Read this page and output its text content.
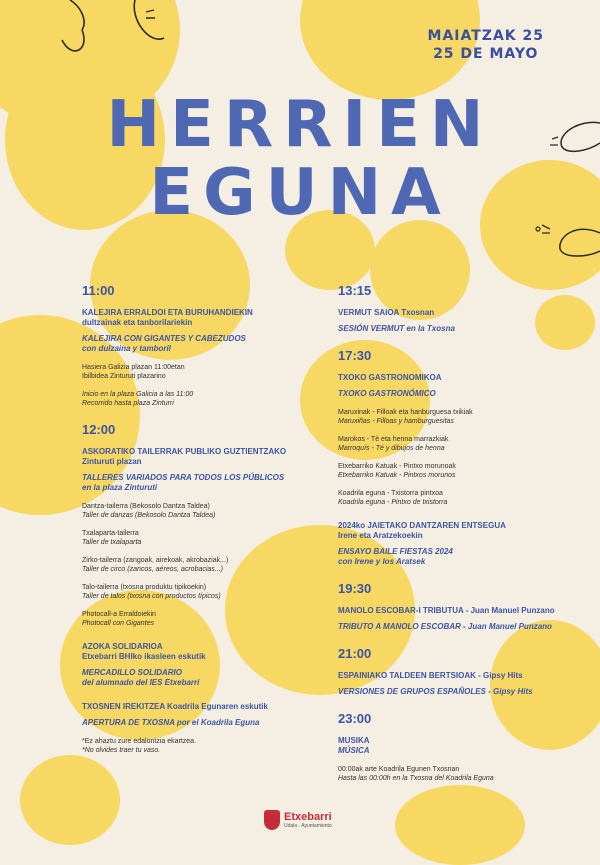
MAIATZAK 25
25 DE MAYO
HERRIEN
EGUNA
11:00
KALEJIRA ERRALDOI ETA BURUHANDIEKIN
dultzainak eta tanborilariekin
KALEJIRA CON GIGANTES Y CABEZUDOS
con dulzaina y tamboril
Hasiera Galizia plazan 11:00etan
Ibilbidea Zinturuti plazarino
Inicio en la plaza Galicia a las 11:00
Recorrido hasta plaza Zinturri
12:00
ASKORATIKO TAILERRAK PUBLIKO GUZTIENTZAKO
Zinturuti plazan
TALLERES VARIADOS PARA TODOS LOS PÚBLICOS
en la plaza Zinturuti
Dantza-tailerra (Bekosolo Dantza Taldea)
Taller de danzas (Bekosolo Dantza Taldea)
Txalaparta-tailerra
Taller de txalaparta
Zirko-tailerra (zangoak, airekoak, akrobaziak...)
Taller de circo (zancos, aéreos, acrobacias...)
Talo-tailerra (txosna produktu tipikoekin)
Taller de talos (txosna con productos típicos)
Photocall-a Erraldoiekin
Photocall con Gigantes
AZOKA SOLIDARIOA
Etxebarri BHIko ikasleen eskutik
MERCADILLO SOLIDARIO
del alumnado del IES Etxebarri
TXOSNEN IREKITZEA Koadrila Egunaren eskutik
APERTURA DE TXOSNA por el Koadrila Eguna
*Ez ahaztu zure edalontzia ekartzea.
*No olvides traer tu vaso.
13:15
VERMUT SAIOA Txosnan
SESIÓN VERMUT en la Txosna
17:30
TXOKO GASTRONOMIKOA
TXOKO GASTRONÓMICO
Maruxinak - Filloak eta hanburguesa txikiak
Maruxiñas - Filloas y hamburguesitas
Marokos - Tè eta henna marrazkiak
Marroquís - Té y dibujos de henna
Etxebarriko Katuak - Pintxo morunoak
Etxebarriko Katuak - Pintxos morunos
Koadrila eguna - Txistorra pintxoa
Koadrila eguna - Pintxo de txistorra
2024ko JAIETAKO DANTZAREN ENTSEGUA
Irene eta Aratzekoekin
ENSAYO BAILE FIESTAS 2024
con Irene y los Aratsek
19:30
MANOLO ESCOBAR-I TRIBUTUA - Juan Manuel Punzano
TRIBUTO A MANOLO ESCOBAR - Juan Manuel Punzano
21:00
ESPAINIAKO TALDEEN BERTSIOAK - Gipsy Hits
VERSIONES DE GRUPOS ESPAÑOLES - Gipsy Hits
23:00
MUSIKA
MÚSICA
00:00ak arte Koadrila Egunen Txosnan
Hasta las 00:00h en la Txosna del Koadrila Eguna
Etxebarri
Udala · Ayuntamiento
